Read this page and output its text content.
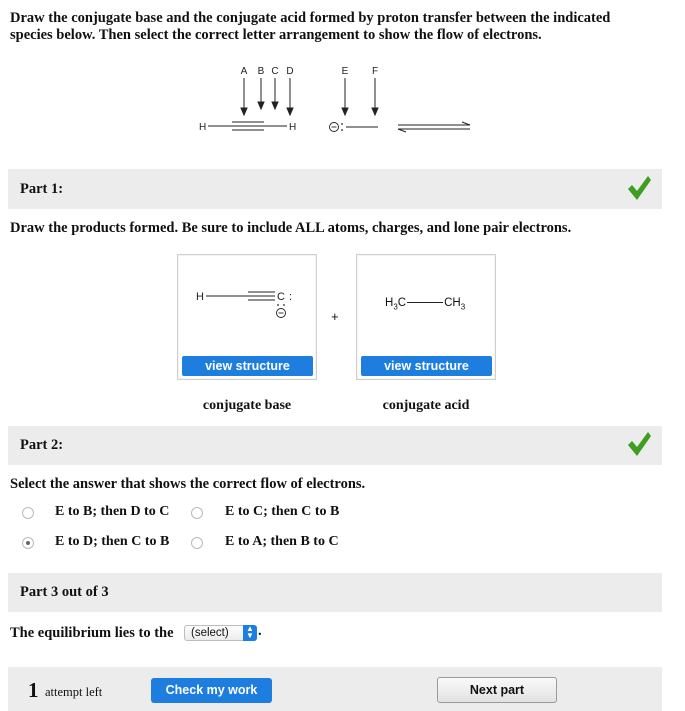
Draw the conjugate base and the conjugate acid formed by proton transfer between the indicated
species below. Then select the correct letter arrangement to show the flow of electrons.
A B C D	E F
H	H
Part 1:
Draw the products formed. Be sure to include ALL atoms, charges, and lone pair electrons.
H	C :
view structure
+
$H_3C$	$CH_3$
view structure
conjugate base	conjugate acid
Part 2:
Select the answer that shows the correct flow of electrons.
E to B; then D to C	E to C; then C to B
E to D; then C to B	E to A; then B to C
Part 3 out of 3
The equilibrium lies to the	(select)	▲
▼ .
1 attempt left	Check my work	Next part
